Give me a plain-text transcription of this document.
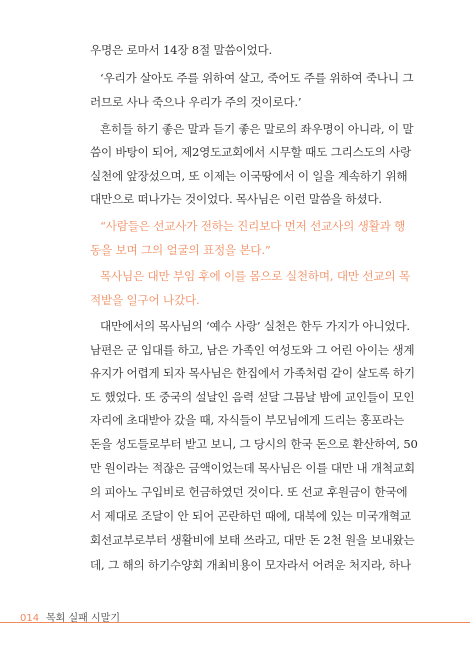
우명은 로마서 14장 8절 말씀이었다.
‘우리가 살아도 주를 위하여 살고, 죽어도 주를 위하여 죽나니 그
러므로 사나 죽으나 우리가 주의 것이로다.’
흔히들 하기 좋은 말과 듣기 좋은 말로의 좌우명이 아니라, 이 말
씀이 바탕이 되어, 제2영도교회에서 시무할 때도 그리스도의 사랑
실천에 앞장섰으며, 또 이제는 이국땅에서 이 일을 계속하기 위해
대만으로 떠나가는 것이었다. 목사님은 이런 말씀을 하셨다.
“사람들은 선교사가 전하는 진리보다 먼저 선교사의 생활과 행
동을 보며 그의 얼굴의 표정을 본다.”
목사님은 대만 부임 후에 이를 몸으로 실천하며, 대만 선교의 목
적밭을 일구어 나갔다.
대만에서의 목사님의 ‘예수 사랑’ 실천은 한두 가지가 아니었다.
남편은 군 입대를 하고, 남은 가족인 여성도와 그 어린 아이는 생계
유지가 어렵게 되자 목사님은 한집에서 가족처럼 같이 살도록 하기
도 했었다. 또 중국의 설날인 음력 섣달 그믐날 밤에 교인들이 모인
자리에 초대받아 갔을 때, 자식들이 부모님에게 드리는 홍포라는
돈을 성도들로부터 받고 보니, 그 당시의 한국 돈으로 환산하여, 50
만 원이라는 적잖은 금액이었는데 목사님은 이를 대만 내 개척교회
의 피아노 구입비로 헌금하였던 것이다. 또 선교 후원금이 한국에
서 제대로 조달이 안 되어 곤란하던 때에, 대북에 있는 미국개혁교
회선교부로부터 생활비에 보태 쓰라고, 대만 돈 2천 원을 보내왔는
데, 그 해의 하기수양회 개최비용이 모자라서 어려운 처지라, 하나
014 목회 실패 시말기
